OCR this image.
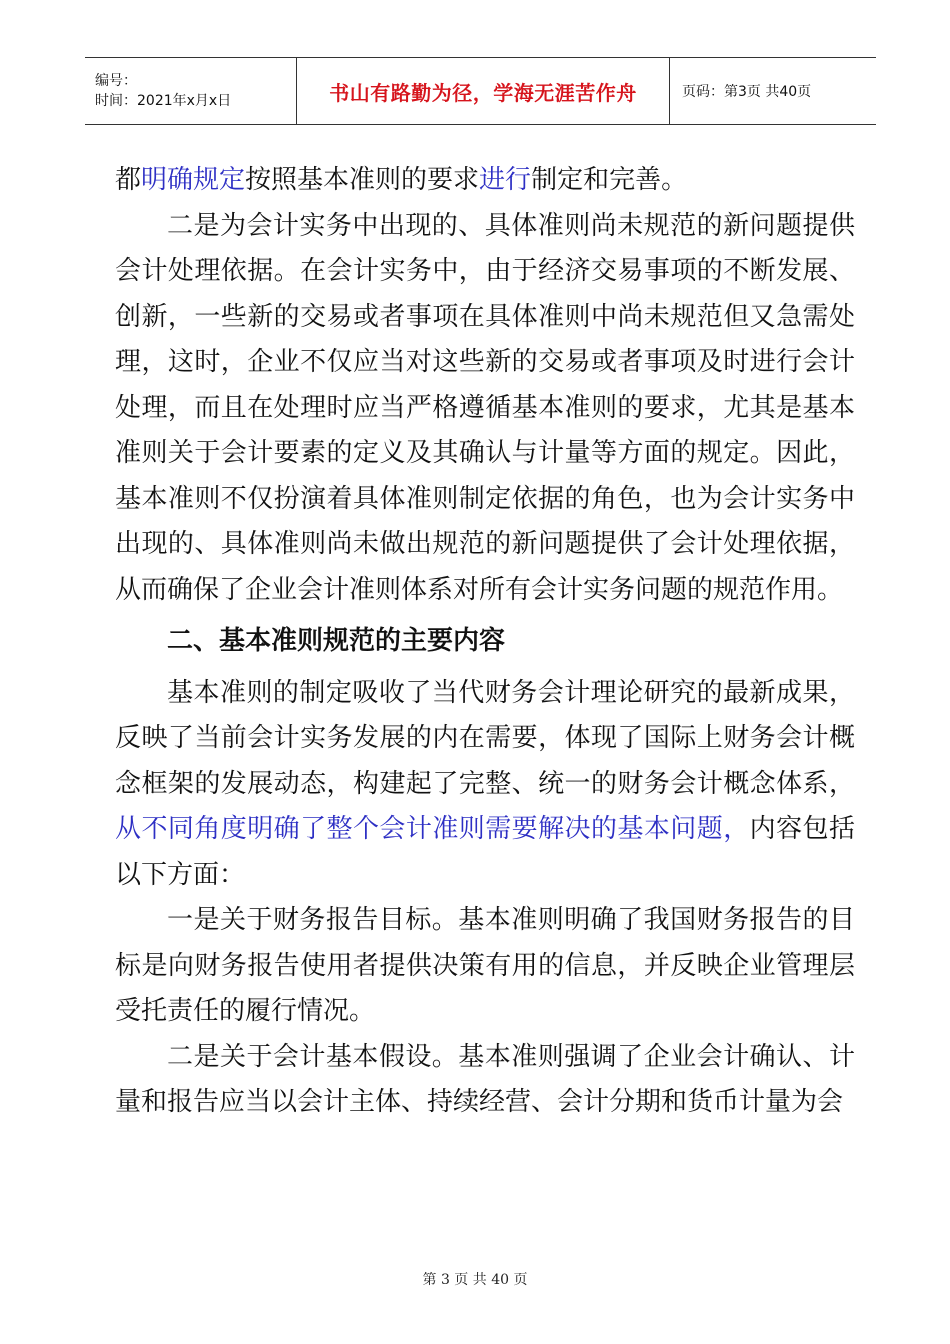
编号：
时间：2021年x月x日	书山有路勤为径，学海无涯苦作舟	页码：第3页 共40页

都明确规定按照基本准则的要求进行制定和完善。

二是为会计实务中出现的、具体准则尚未规范的新问题提供会计处理依据。在会计实务中，由于经济交易事项的不断发展、创新，一些新的交易或者事项在具体准则中尚未规范但又急需处理，这时，企业不仅应当对这些新的交易或者事项及时进行会计处理，而且在处理时应当严格遵循基本准则的要求，尤其是基本准则关于会计要素的定义及其确认与计量等方面的规定。因此，基本准则不仅扮演着具体准则制定依据的角色，也为会计实务中出现的、具体准则尚未做出规范的新问题提供了会计处理依据，从而确保了企业会计准则体系对所有会计实务问题的规范作用。

二、基本准则规范的主要内容

基本准则的制定吸收了当代财务会计理论研究的最新成果，反映了当前会计实务发展的内在需要，体现了国际上财务会计概念框架的发展动态，构建起了完整、统一的财务会计概念体系，从不同角度明确了整个会计准则需要解决的基本问题，内容包括以下方面：

一是关于财务报告目标。基本准则明确了我国财务报告的目标是向财务报告使用者提供决策有用的信息，并反映企业管理层受托责任的履行情况。

二是关于会计基本假设。基本准则强调了企业会计确认、计量和报告应当以会计主体、持续经营、会计分期和货币计量为会

第 3 页 共 40 页
